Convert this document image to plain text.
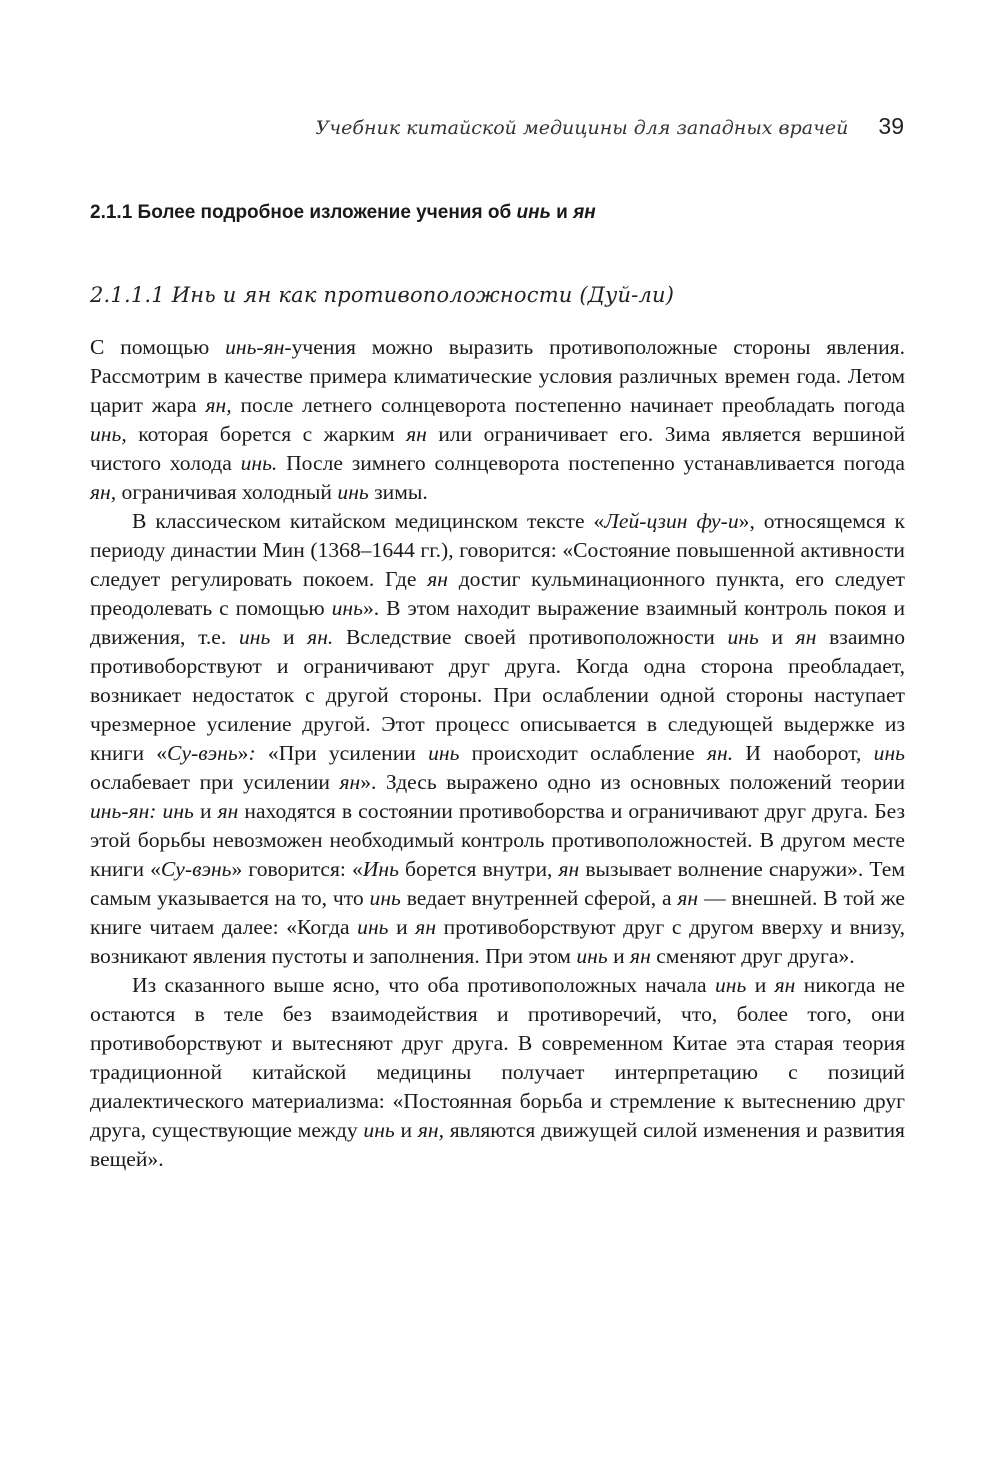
Учебник китайской медицины для западных врачей 39
2.1.1 Более подробное изложение учения об инь и ян
2.1.1.1 Инь и ян как противоположности (Дуй-ли)

С помощью инь-ян-учения можно выразить противоположные стороны явления. Рассмотрим в качестве примера климатические условия различных времен года. Летом царит жара ян, после летнего солнцеворота постепенно начинает преобладать погода инь, которая борется с жарким ян или ограничивает его. Зима является вершиной чистого холода инь. После зимнего солнцеворота постепенно устанавливается погода ян, ограничивая холодный инь зимы.

В классическом китайском медицинском тексте «Лей-цзин фу-и», относящемся к периоду династии Мин (1368–1644 гг.), говорится: «Состояние повышенной активности следует регулировать покоем. Где ян достиг кульминационного пункта, его следует преодолевать с помощью инь». В этом находит выражение взаимный контроль покоя и движения, т.е. инь и ян. Вследствие своей противоположности инь и ян взаимно противоборствуют и ограничивают друг друга. Когда одна сторона преобладает, возникает недостаток с другой стороны. При ослаблении одной стороны наступает чрезмерное усиление другой. Этот процесс описывается в следующей выдержке из книги «Су-вэнь»: «При усилении инь происходит ослабление ян. И наоборот, инь ослабевает при усилении ян». Здесь выражено одно из основных положений теории инь-ян: инь и ян находятся в состоянии противоборства и ограничивают друг друга. Без этой борьбы невозможен необходимый контроль противоположностей. В другом месте книги «Су-вэнь» говорится: «Инь борется внутри, ян вызывает волнение снаружи». Тем самым указывается на то, что инь ведает внутренней сферой, а ян — внешней. В той же книге читаем далее: «Когда инь и ян противоборствуют друг с другом вверху и внизу, возникают явления пустоты и заполнения. При этом инь и ян сменяют друг друга».

Из сказанного выше ясно, что оба противоположных начала инь и ян никогда не остаются в теле без взаимодействия и противоречий, что, более того, они противоборствуют и вытесняют друг друга. В современном Китае эта старая теория традиционной китайской медицины получает интерпретацию с позиций диалектического материализма: «Постоянная борьба и стремление к вытеснению друг друга, существующие между инь и ян, являются движущей силой изменения и развития вещей».
